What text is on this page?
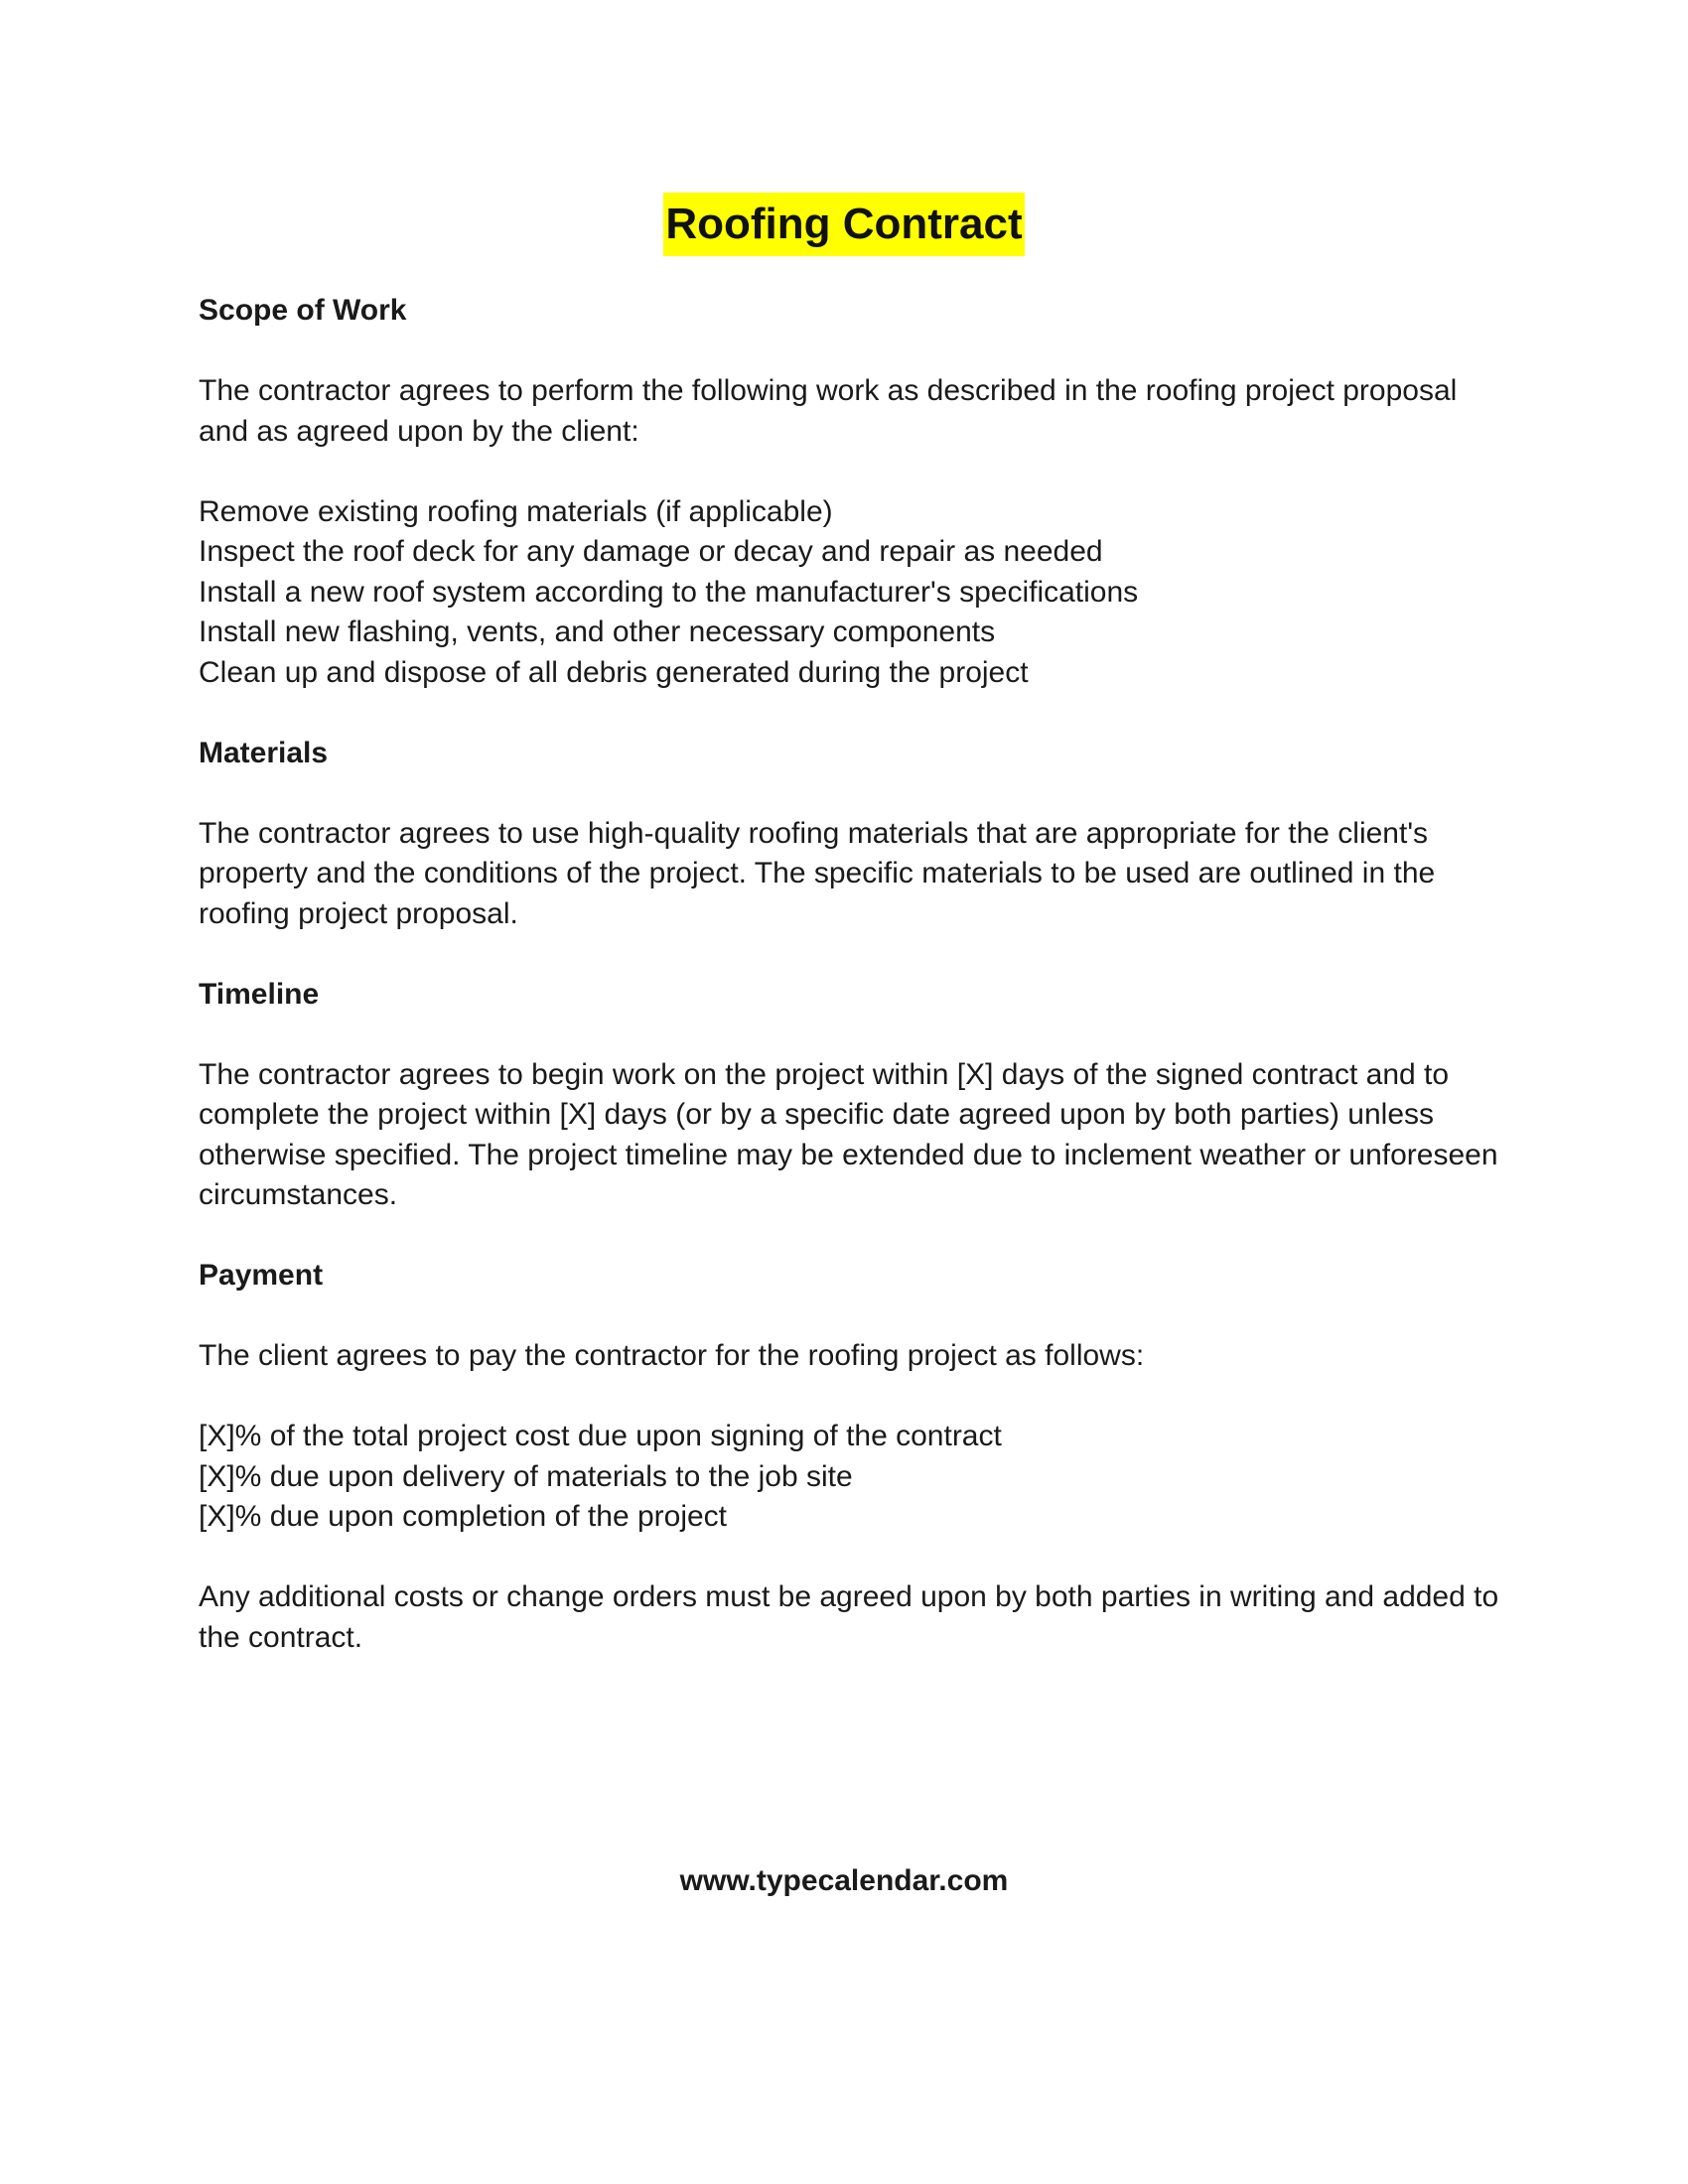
Roofing Contract

Scope of Work

The contractor agrees to perform the following work as described in the roofing project proposal and as agreed upon by the client:

Remove existing roofing materials (if applicable)
Inspect the roof deck for any damage or decay and repair as needed
Install a new roof system according to the manufacturer's specifications
Install new flashing, vents, and other necessary components
Clean up and dispose of all debris generated during the project

Materials

The contractor agrees to use high-quality roofing materials that are appropriate for the client's property and the conditions of the project. The specific materials to be used are outlined in the roofing project proposal.

Timeline

The contractor agrees to begin work on the project within [X] days of the signed contract and to complete the project within [X] days (or by a specific date agreed upon by both parties) unless otherwise specified. The project timeline may be extended due to inclement weather or unforeseen circumstances.

Payment

The client agrees to pay the contractor for the roofing project as follows:

[X]% of the total project cost due upon signing of the contract
[X]% due upon delivery of materials to the job site
[X]% due upon completion of the project

Any additional costs or change orders must be agreed upon by both parties in writing and added to the contract.

www.typecalendar.com
